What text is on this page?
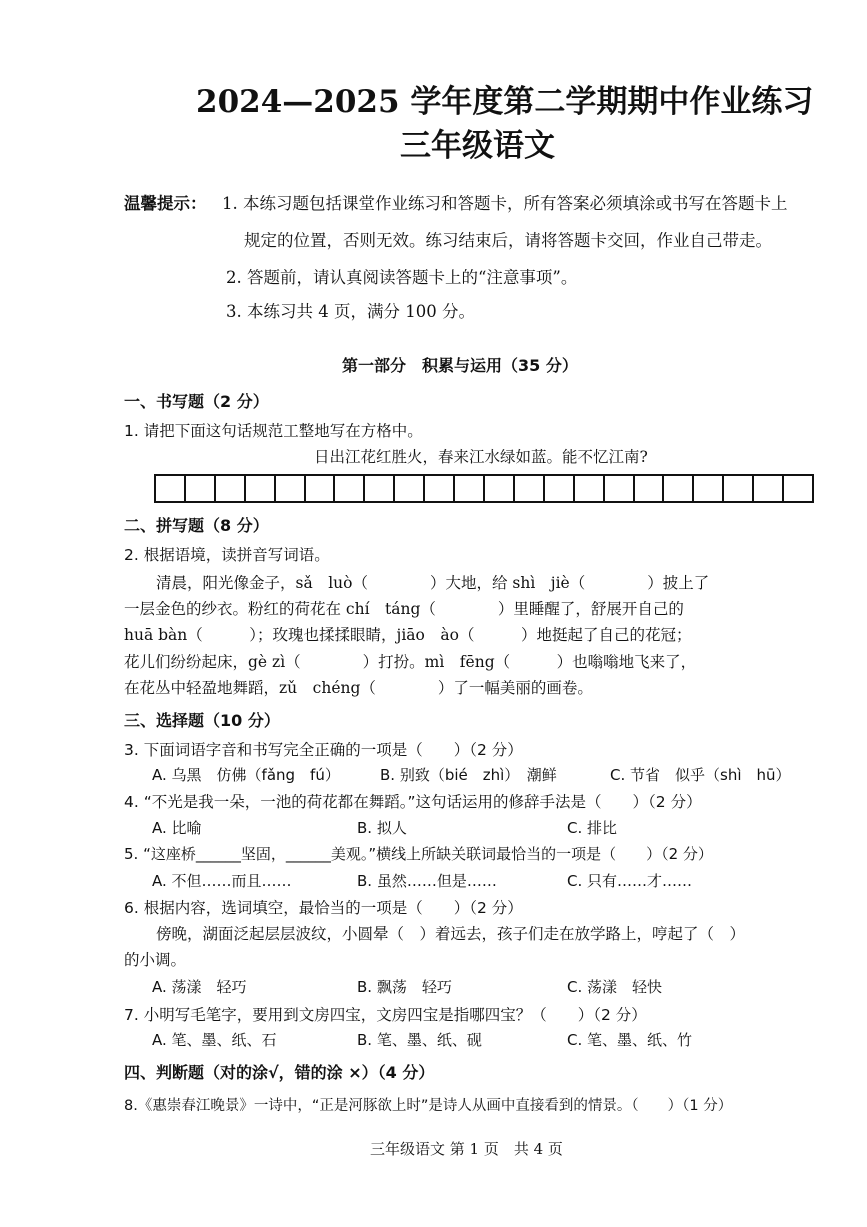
2024—2025 学年度第二学期期中作业练习
三年级语文
温馨提示： 1. 本练习题包括课堂作业练习和答题卡，所有答案必须填涂或书写在答题卡上
规定的位置，否则无效。练习结束后，请将答题卡交回，作业自己带走。
2. 答题前，请认真阅读答题卡上的“注意事项”。
3. 本练习共 4 页，满分 100 分。
第一部分　积累与运用（35 分）
一、书写题（2 分）
1. 请把下面这句话规范工整地写在方格中。
日出江花红胜火，春来江水绿如蓝。能不忆江南?
二、拼写题（8 分）
2. 根据语境，读拼音写词语。
清晨，阳光像金子，sǎ　luò（　　　　）大地，给 shì　jiè（　　　　）披上了
一层金色的纱衣。粉红的荷花在 chí　táng（　　　　）里睡醒了，舒展开自己的
huā bàn（　　　）；玫瑰也揉揉眼睛，jiāo　ào（　　　）地挺起了自己的花冠；
花儿们纷纷起床，gè zì（　　　　）打扮。mì　fēng（　　　）也嗡嗡地飞来了，
在花丛中轻盈地舞蹈，zǔ　chéng（　　　　）了一幅美丽的画卷。
三、选择题（10 分）
3. 下面词语字音和书写完全正确的一项是（　　）（2 分）
A. 乌黑　仿佛（fǎng　fú）	B. 别致（bié　zhì）　潮鲜	C. 节省　似乎（shì　hū）
4. “不光是我一朵，一池的荷花都在舞蹈。”这句话运用的修辞手法是（　　）（2 分）
A. 比喻	B. 拟人	C. 排比
5. “这座桥______坚固，______美观。”横线上所缺关联词最恰当的一项是（　　）（2 分）
A. 不但……而且……	B. 虽然……但是……	C. 只有……才……
6. 根据内容，选词填空，最恰当的一项是（　　）（2 分）
傍晚，湖面泛起层层波纹，小圆晕（　）着远去，孩子们走在放学路上，哼起了（　）
的小调。
A. 荡漾　轻巧	B. 飘荡　轻巧	C. 荡漾　轻快
7. 小明写毛笔字，要用到文房四宝，文房四宝是指哪四宝？（　　）（2 分）
A. 笔、墨、纸、石	B. 笔、墨、纸、砚	C. 笔、墨、纸、竹
四、判断题（对的涂√，错的涂 ×）（4 分）
8.《惠崇春江晚景》一诗中，“正是河豚欲上时”是诗人从画中直接看到的情景。（　　）（1 分）
三年级语文 第 1 页　共 4 页
